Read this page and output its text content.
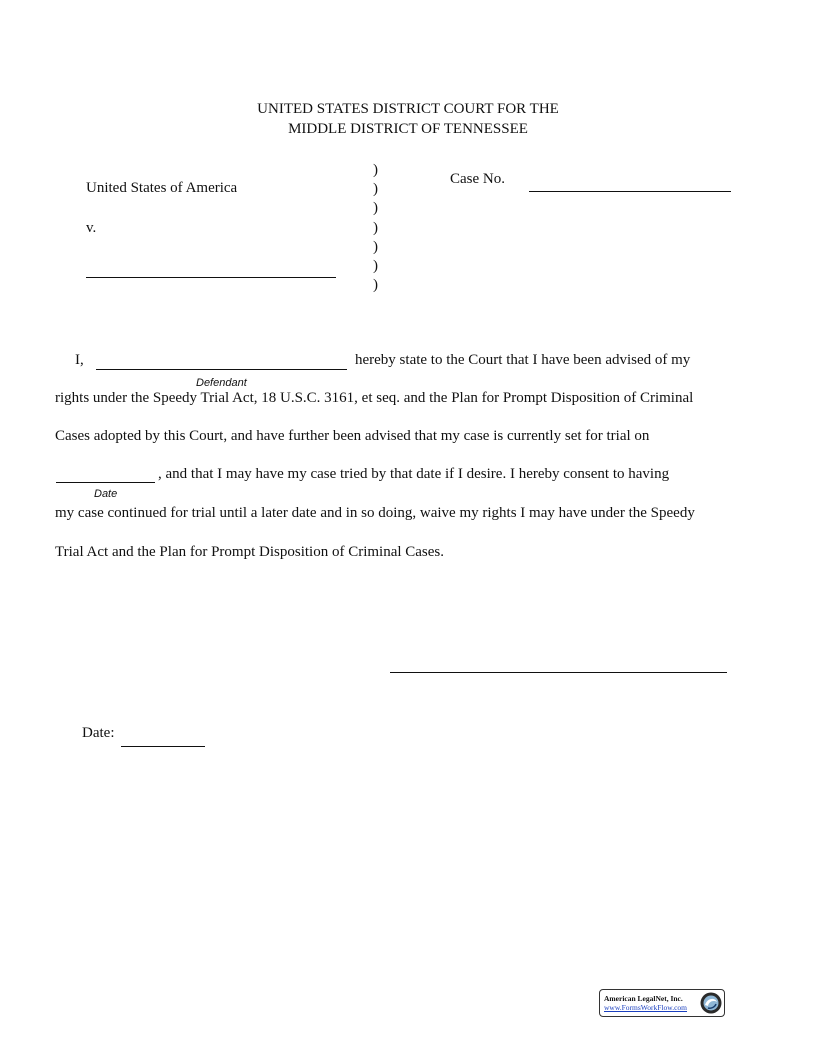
UNITED STATES DISTRICT COURT FOR THE
MIDDLE DISTRICT OF TENNESSEE
United States of America
v.
)
)
)
)
)
)
)
Case No.
I,	hereby state to the Court that I have been advised of my
Defendant
rights under the Speedy Trial Act, 18 U.S.C. 3161, et seq. and the Plan for Prompt Disposition of Criminal
Cases adopted by this Court, and have further been advised that my case is currently set for trial on
, and that I may have my case tried by that date if I desire. I hereby consent to having
Date
my case continued for trial until a later date and in so doing, waive my rights I may have under the Speedy
Trial Act and the Plan for Prompt Disposition of Criminal Cases.
Date:
American LegalNet, Inc.
www.FormsWorkFlow.com
